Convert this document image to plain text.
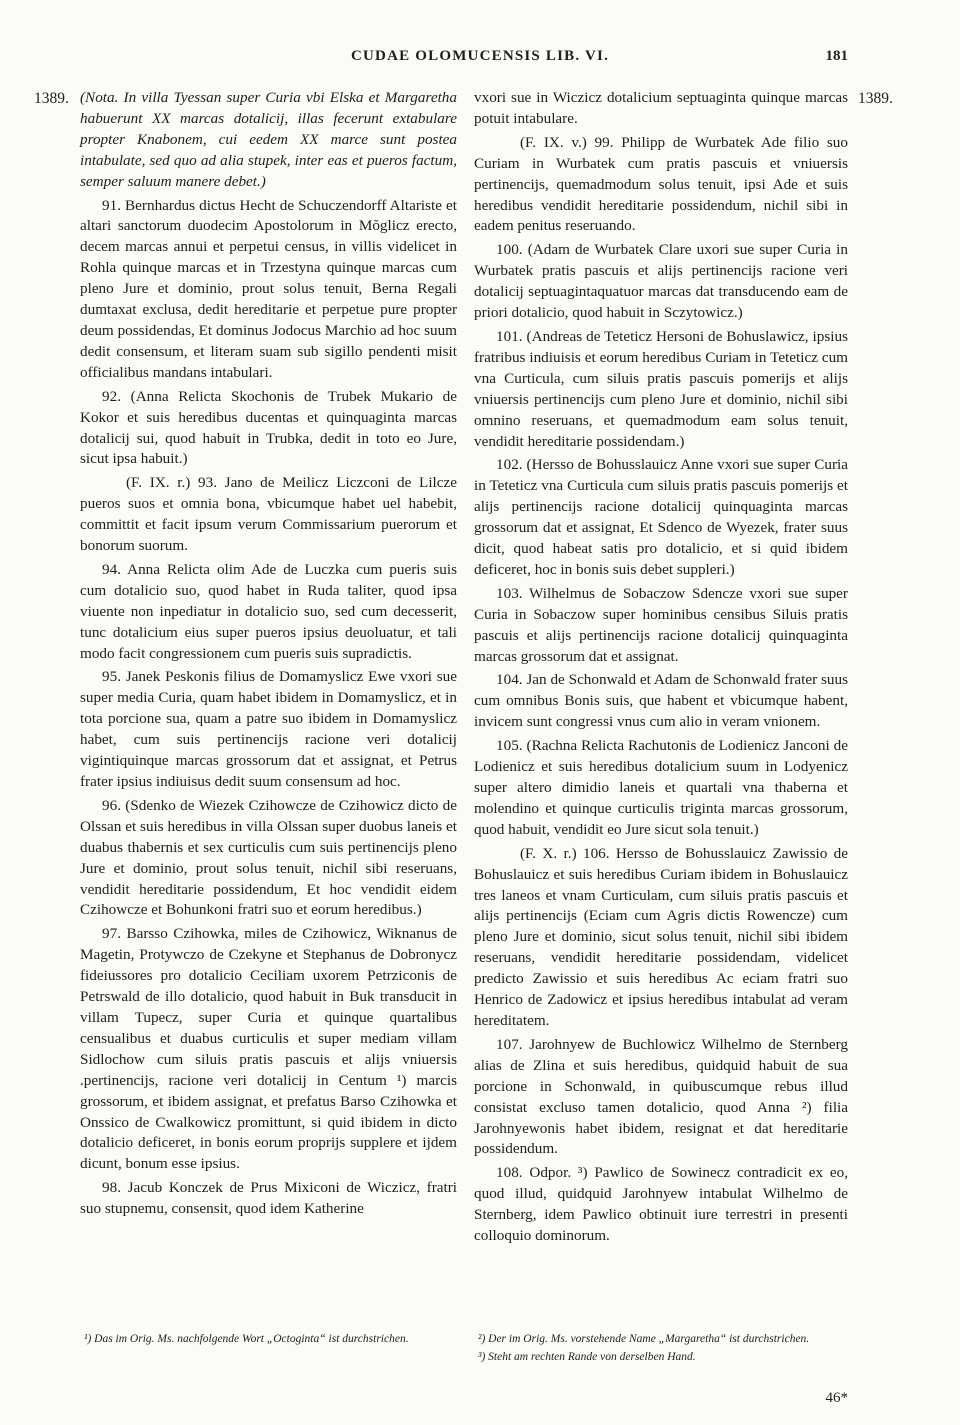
CUDAE OLOMUCENSIS LIB. VI.	181
1389.	1389.

(Nota. In villa Tyessan super Curia vbi Elska et Margaretha habuerunt XX marcas dotalicij, illas fecerunt extabulare propter Knabonem, cui eedem XX marce sunt postea intabulate, sed quo ad alia stupek, inter eas et pueros factum, semper saluum manere debet.)

91. Bernhardus dictus Hecht de Schuczendorff Altariste et altari sanctorum duodecim Apostolorum in Mŏglicz erecto, decem marcas annui et perpetui census, in villis videlicet in Rohla quinque marcas et in Trzestyna quinque marcas cum pleno Jure et dominio, prout solus tenuit, Berna Regali dumtaxat exclusa, dedit hereditarie et perpetue pure propter deum possidendas, Et dominus Jodocus Marchio ad hoc suum dedit consensum, et literam suam sub sigillo pendenti misit officialibus mandans intabulari.

92. (Anna Relicta Skochonis de Trubek Mukario de Kokor et suis heredibus ducentas et quinquaginta marcas dotalicij sui, quod habuit in Trubka, dedit in toto eo Jure, sicut ipsa habuit.)

(F. IX. r.) 93. Jano de Meilicz Liczconi de Lilcze pueros suos et omnia bona, vbicumque habet uel habebit, committit et facit ipsum verum Commissarium puerorum et bonorum suorum.

94. Anna Relicta olim Ade de Luczka cum pueris suis cum dotalicio suo, quod habet in Ruda taliter, quod ipsa viuente non inpediatur in dotalicio suo, sed cum decesserit, tunc dotalicium eius super pueros ipsius deuoluatur, et tali modo facit congressionem cum pueris suis supradictis.

95. Janek Peskonis filius de Domamyslicz Ewe vxori sue super media Curia, quam habet ibidem in Domamyslicz, et in tota porcione sua, quam a patre suo ibidem in Domamyslicz habet, cum suis pertinencijs racione veri dotalicij vigintiquinque marcas grossorum dat et assignat, et Petrus frater ipsius indiuisus dedit suum consensum ad hoc.

96. (Sdenko de Wiezek Czihowcze de Czihowicz dicto de Olssan et suis heredibus in villa Olssan super duobus laneis et duabus thabernis et sex curticulis cum suis pertinencijs pleno Jure et dominio, prout solus tenuit, nichil sibi reseruans, vendidit hereditarie possidendum, Et hoc vendidit eidem Czihowcze et Bohunkoni fratri suo et eorum heredibus.)

97. Barsso Czihowka, miles de Czihowicz, Wiknanus de Magetin, Protywczo de Czekyne et Stephanus de Dobronycz fideiussores pro dotalicio Ceciliam uxorem Petrziconis de Petrswald de illo dotalicio, quod habuit in Buk transducit in villam Tupecz, super Curia et quinque quartalibus censualibus et duabus curticulis et super mediam villam Sidlochow cum siluis pratis pascuis et alijs vniuersis .pertinencijs, racione veri dotalicij in Centum ¹) marcis grossorum, et ibidem assignat, et prefatus Barso Czihowka et Onssico de Cwalkowicz promittunt, si quid ibidem in dicto dotalicio deficeret, in bonis eorum proprijs supplere et ijdem dicunt, bonum esse ipsius.

98. Jacub Konczek de Prus Mixiconi de Wiczicz, fratri suo stupnemu, consensit, quod idem Katherine

vxori sue in Wiczicz dotalicium septuaginta quinque marcas potuit intabulare.

(F. IX. v.) 99. Philipp de Wurbatek Ade filio suo Curiam in Wurbatek cum pratis pascuis et vniuersis pertinencijs, quemadmodum solus tenuit, ipsi Ade et suis heredibus vendidit hereditarie possidendum, nichil sibi in eadem penitus reseruando.

100. (Adam de Wurbatek Clare uxori sue super Curia in Wurbatek pratis pascuis et alijs pertinencijs racione veri dotalicij septuagintaquatuor marcas dat transducendo eam de priori dotalicio, quod habuit in Sczytowicz.)

101. (Andreas de Teteticz Hersoni de Bohuslawicz, ipsius fratribus indiuisis et eorum heredibus Curiam in Teteticz cum vna Curticula, cum siluis pratis pascuis pomerijs et alijs vniuersis pertinencijs cum pleno Jure et dominio, nichil sibi omnino reseruans, et quemadmodum eam solus tenuit, vendidit hereditarie possidendam.)

102. (Hersso de Bohusslauicz Anne vxori sue super Curia in Teteticz vna Curticula cum siluis pratis pascuis pomerijs et alijs pertinencijs racione dotalicij quinquaginta marcas grossorum dat et assignat, Et Sdenco de Wyezek, frater suus dicit, quod habeat satis pro dotalicio, et si quid ibidem deficeret, hoc in bonis suis debet suppleri.)

103. Wilhelmus de Sobaczow Sdencze vxori sue super Curia in Sobaczow super hominibus censibus Siluis pratis pascuis et alijs pertinencijs racione dotalicij quinquaginta marcas grossorum dat et assignat.

104. Jan de Schonwald et Adam de Schonwald frater suus cum omnibus Bonis suis, que habent et vbicumque habent, invicem sunt congressi vnus cum alio in veram vnionem.

105. (Rachna Relicta Rachutonis de Lodienicz Janconi de Lodienicz et suis heredibus dotalicium suum in Lodyenicz super altero dimidio laneis et quartali vna thaberna et molendino et quinque curticulis triginta marcas grossorum, quod habuit, vendidit eo Jure sicut sola tenuit.)

(F. X. r.) 106. Hersso de Bohusslauicz Zawissio de Bohuslauicz et suis heredibus Curiam ibidem in Bohuslauicz tres laneos et vnam Curticulam, cum siluis pratis pascuis et alijs pertinencijs (Eciam cum Agris dictis Rowencze) cum pleno Jure et dominio, sicut solus tenuit, nichil sibi ibidem reseruans, vendidit hereditarie possidendam, videlicet predicto Zawissio et suis heredibus Ac eciam fratri suo Henrico de Zadowicz et ipsius heredibus intabulat ad veram hereditatem.

107. Jarohnyew de Buchlowicz Wilhelmo de Sternberg alias de Zlina et suis heredibus, quidquid habuit de sua porcione in Schonwald, in quibuscumque rebus illud consistat excluso tamen dotalicio, quod Anna ²) filia Jarohnyewonis habet ibidem, resignat et dat hereditarie possidendum.

108. Odpor. ³) Pawlico de Sowinecz contradicit ex eo, quod illud, quidquid Jarohnyew intabulat Wilhelmo de Sternberg, idem Pawlico obtinuit iure terrestri in presenti colloquio dominorum.

¹) Das im Orig. Ms. nachfolgende Wort „Octoginta“ ist durchstrichen.	²) Der im Orig. Ms. vorstehende Name „Margaretha“ ist durchstrichen.

³) Steht am rechten Rande von derselben Hand.

46*
